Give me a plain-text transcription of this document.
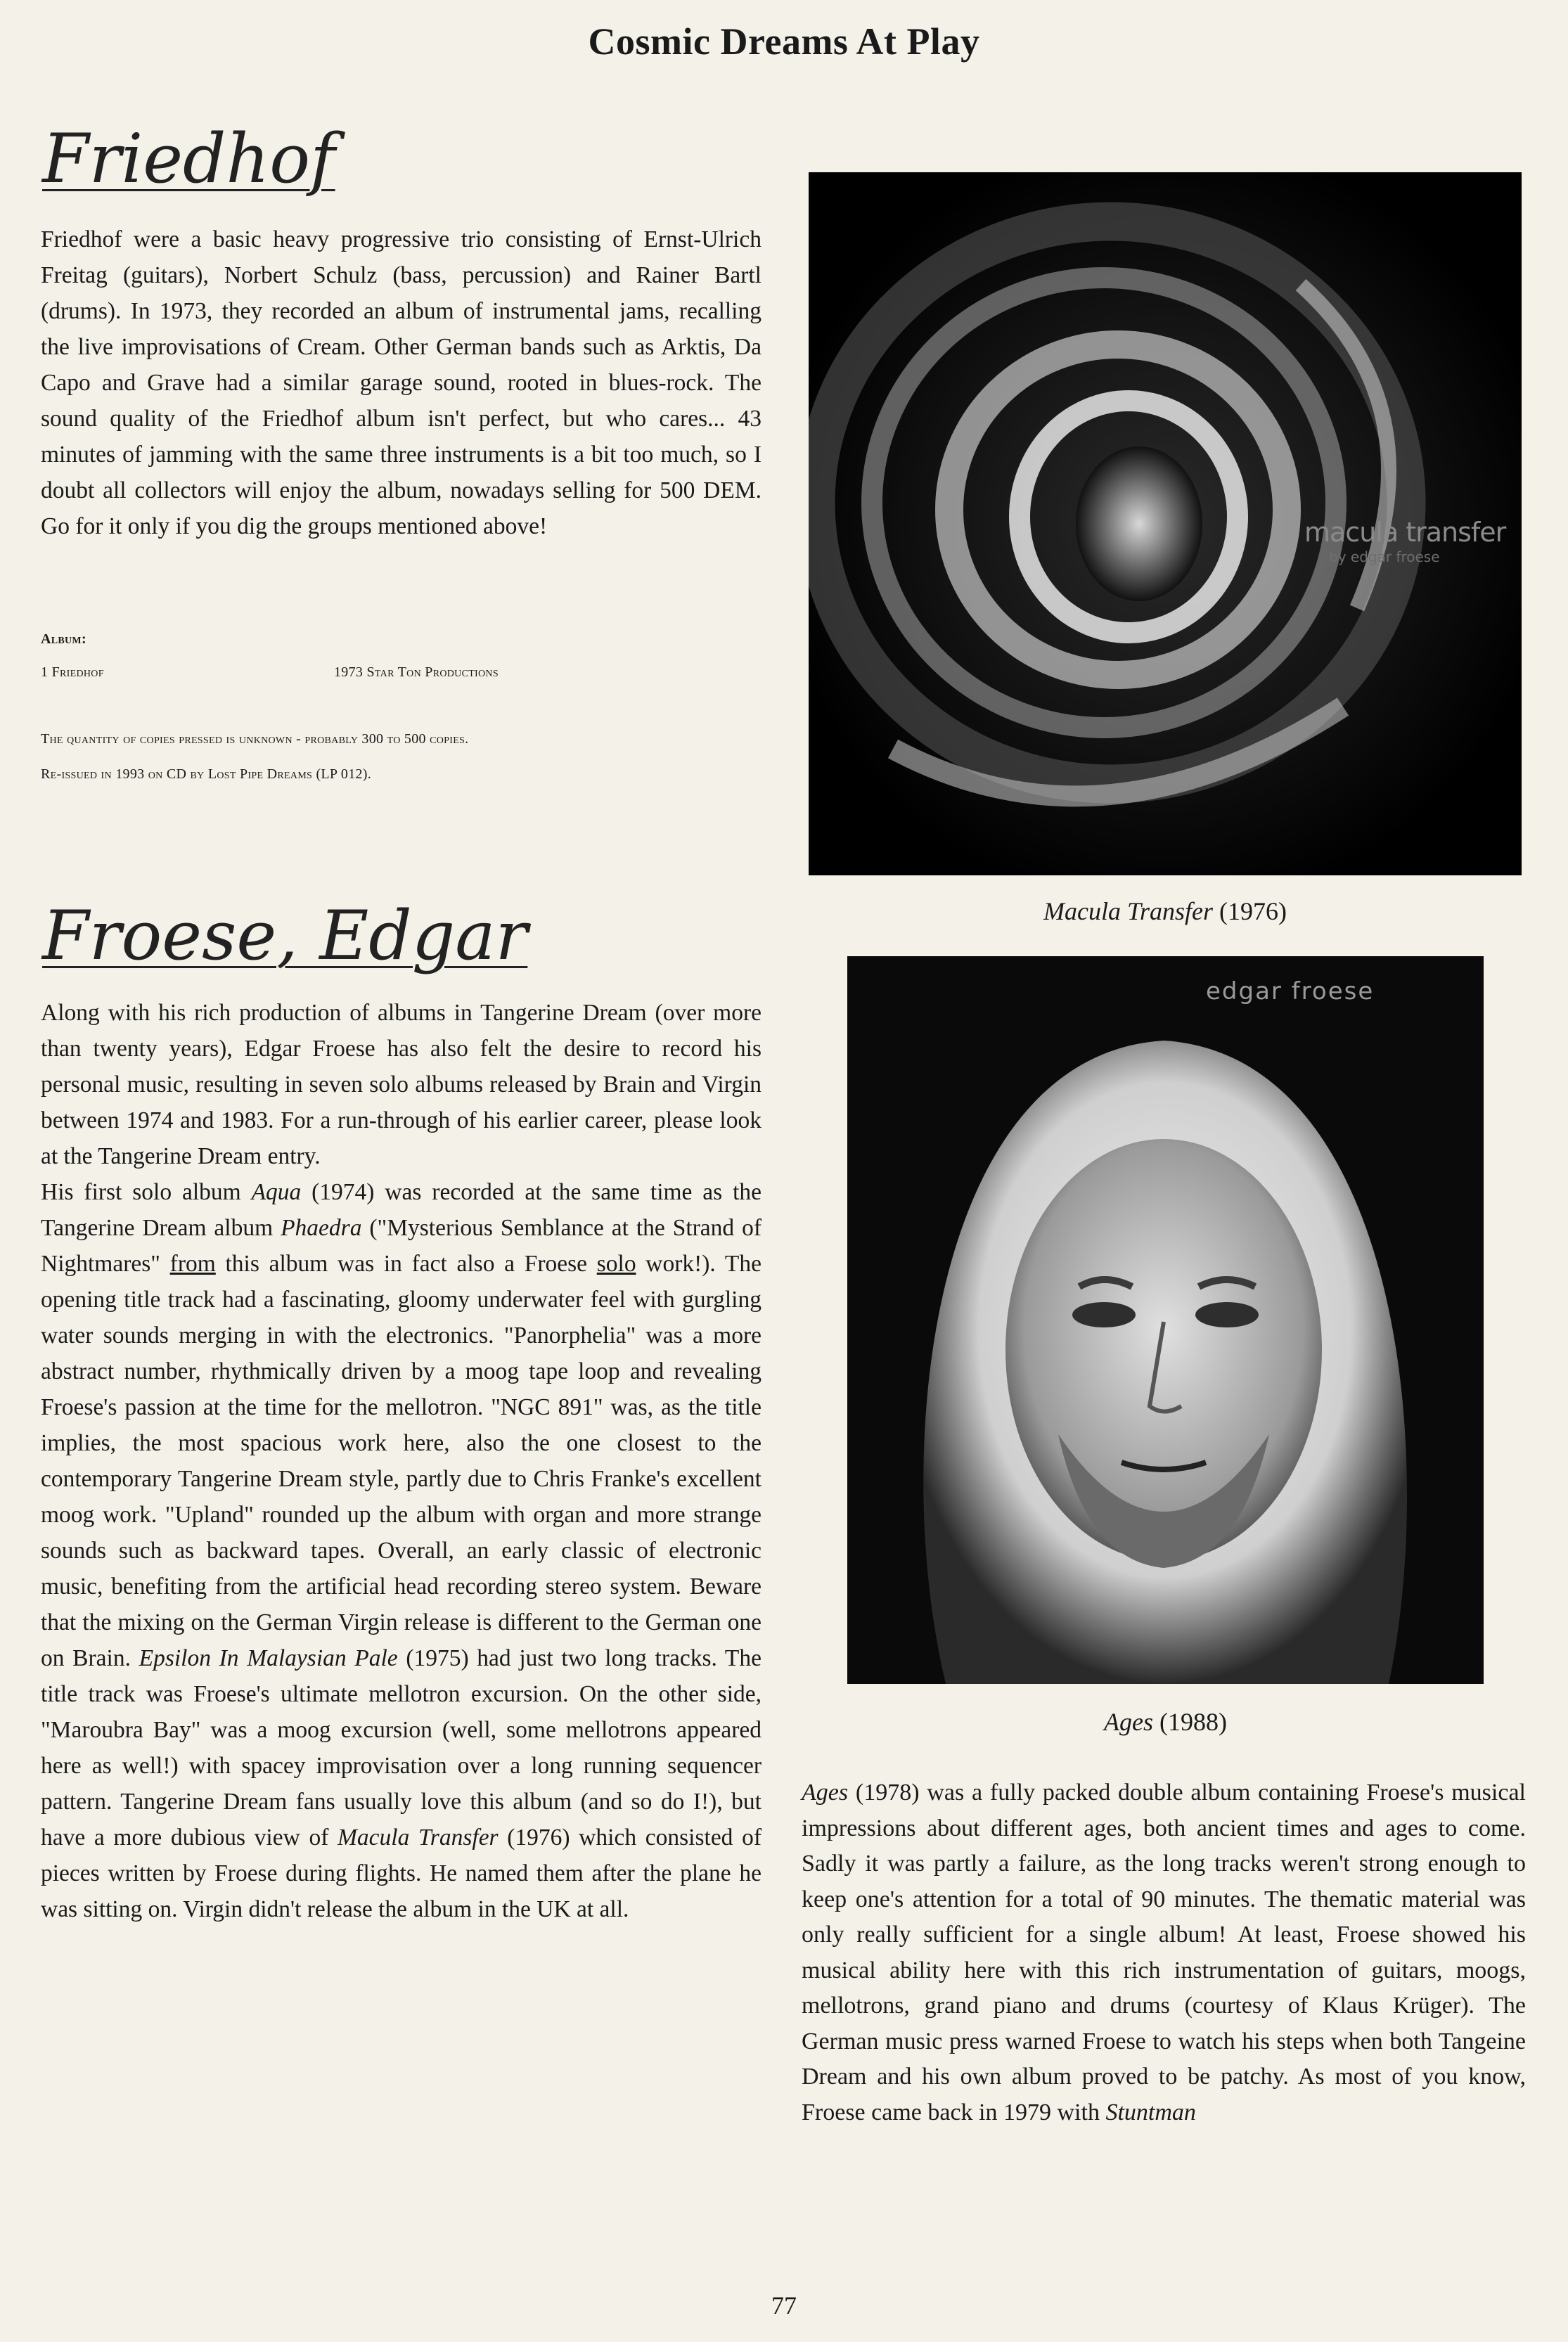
Cosmic Dreams At Play
Friedhof

Friedhof were a basic heavy progressive trio consisting of Ernst-Ulrich Freitag (guitars), Norbert Schulz (bass, percussion) and Rainer Bartl (drums). In 1973, they recorded an album of instrumental jams, recalling the live improvisations of Cream. Other German bands such as Arktis, Da Capo and Grave had a similar garage sound, rooted in blues-rock. The sound quality of the Friedhof album isn't perfect, but who cares... 43 minutes of jamming with the same three instruments is a bit too much, so I doubt all collectors will enjoy the album, nowadays selling for 500 DEM. Go for it only if you dig the groups mentioned above!

Album:
1 Friedhof	1973 Star Ton Productions
The quantity of copies pressed is unknown - probably 300 to 500 copies.
Re-issued in 1993 on CD by Lost Pipe Dreams (LP 012).
macula transfer
by edgar froese
Macula Transfer (1976)
Froese, Edgar

Along with his rich production of albums in Tangerine Dream (over more than twenty years), Edgar Froese has also felt the desire to record his personal music, resulting in seven solo albums released by Brain and Virgin between 1974 and 1983. For a run-through of his earlier career, please look at the Tangerine Dream entry.

His first solo album Aqua (1974) was recorded at the same time as the Tangerine Dream album Phaedra ("Mysterious Semblance at the Strand of Nightmares" from this album was in fact also a Froese solo work!). The opening title track had a fascinating, gloomy underwater feel with gurgling water sounds merging in with the electronics. "Panorphelia" was a more abstract number, rhythmically driven by a moog tape loop and revealing Froese's passion at the time for the mellotron. "NGC 891" was, as the title implies, the most spacious work here, also the one closest to the contemporary Tangerine Dream style, partly due to Chris Franke's excellent moog work. "Upland" rounded up the album with organ and more strange sounds such as backward tapes. Overall, an early classic of electronic music, benefiting from the artificial head recording stereo system. Beware that the mixing on the German Virgin release is different to the German one on Brain. Epsilon In Malaysian Pale (1975) had just two long tracks. The title track was Froese's ultimate mellotron excursion. On the other side, "Maroubra Bay" was a moog excursion (well, some mellotrons appeared here as well!) with spacey improvisation over a long running sequencer pattern. Tangerine Dream fans usually love this album (and so do I!), but have a more dubious view of Macula Transfer (1976) which consisted of pieces written by Froese during flights. He named them after the plane he was sitting on. Virgin didn't release the album in the UK at all.

edgar froese
Ages (1988)

Ages (1978) was a fully packed double album containing Froese's musical impressions about different ages, both ancient times and ages to come. Sadly it was partly a failure, as the long tracks weren't strong enough to keep one's attention for a total of 90 minutes. The thematic material was only really sufficient for a single album! At least, Froese showed his musical ability here with this rich instrumentation of guitars, moogs, mellotrons, grand piano and drums (courtesy of Klaus Krüger). The German music press warned Froese to watch his steps when both Tangeine Dream and his own album proved to be patchy. As most of you know, Froese came back in 1979 with Stuntman

77
